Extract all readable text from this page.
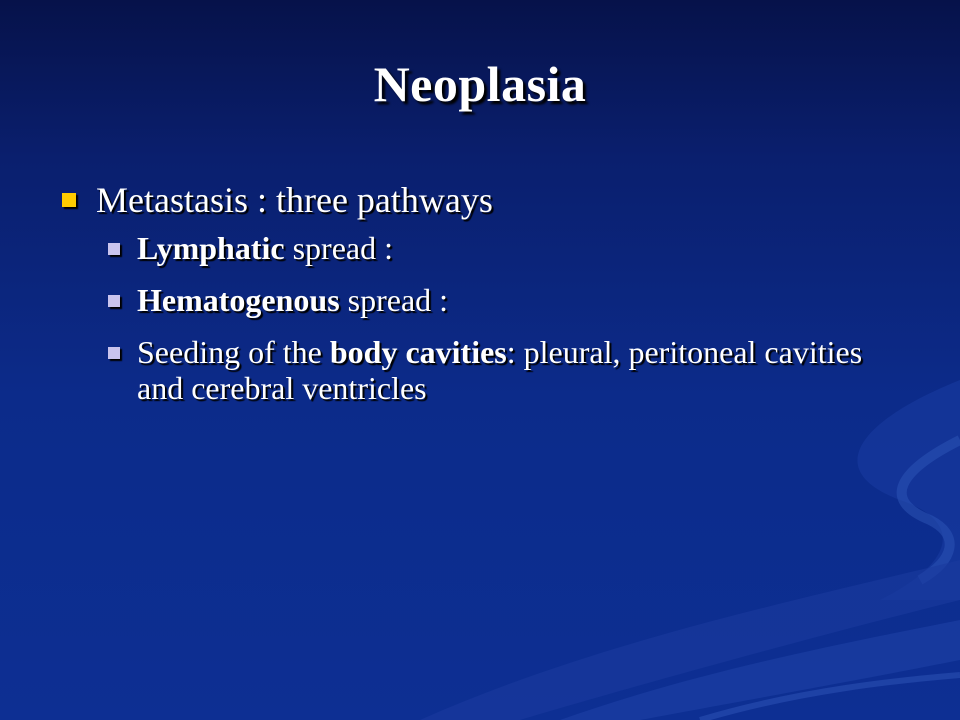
Neoplasia
Metastasis : three pathways
Lymphatic spread :
Hematogenous spread :
Seeding of the body cavities: pleural, peritoneal cavities and cerebral ventricles
